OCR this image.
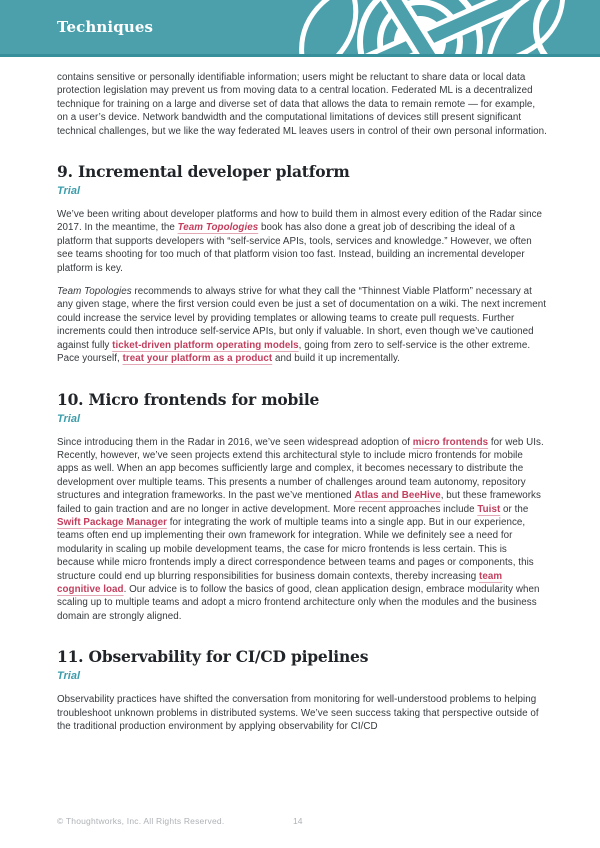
Techniques

contains sensitive or personally identifiable information; users might be reluctant to share data or local data protection legislation may prevent us from moving data to a central location. Federated ML is a decentralized technique for training on a large and diverse set of data that allows the data to remain remote — for example, on a user’s device. Network bandwidth and the computational limitations of devices still present significant technical challenges, but we like the way federated ML leaves users in control of their own personal information.

9. Incremental developer platform
Trial

We’ve been writing about developer platforms and how to build them in almost every edition of the Radar since 2017. In the meantime, the Team Topologies book has also done a great job of describing the ideal of a platform that supports developers with “self-service APIs, tools, services and knowledge.” However, we often see teams shooting for too much of that platform vision too fast. Instead, building an incremental developer platform is key.

Team Topologies recommends to always strive for what they call the “Thinnest Viable Platform” necessary at any given stage, where the first version could even be just a set of documentation on a wiki. The next increment could increase the service level by providing templates or allowing teams to create pull requests. Further increments could then introduce self-service APIs, but only if valuable. In short, even though we’ve cautioned against fully ticket-driven platform operating models, going from zero to self-service is the other extreme. Pace yourself, treat your platform as a product and build it up incrementally.

10. Micro frontends for mobile
Trial

Since introducing them in the Radar in 2016, we’ve seen widespread adoption of micro frontends for web UIs. Recently, however, we’ve seen projects extend this architectural style to include micro frontends for mobile apps as well. When an app becomes sufficiently large and complex, it becomes necessary to distribute the development over multiple teams. This presents a number of challenges around team autonomy, repository structures and integration frameworks. In the past we’ve mentioned Atlas and BeeHive, but these frameworks failed to gain traction and are no longer in active development. More recent approaches include Tuist or the Swift Package Manager for integrating the work of multiple teams into a single app. But in our experience, teams often end up implementing their own framework for integration. While we definitely see a need for modularity in scaling up mobile development teams, the case for micro frontends is less certain. This is because while micro frontends imply a direct correspondence between teams and pages or components, this structure could end up blurring responsibilities for business domain contexts, thereby increasing team cognitive load. Our advice is to follow the basics of good, clean application design, embrace modularity when scaling up to multiple teams and adopt a micro frontend architecture only when the modules and the business domain are strongly aligned.

11. Observability for CI/CD pipelines
Trial

Observability practices have shifted the conversation from monitoring for well-understood problems to helping troubleshoot unknown problems in distributed systems. We’ve seen success taking that perspective outside of the traditional production environment by applying observability for CI/CD

© Thoughtworks, Inc. All Rights Reserved.	14
